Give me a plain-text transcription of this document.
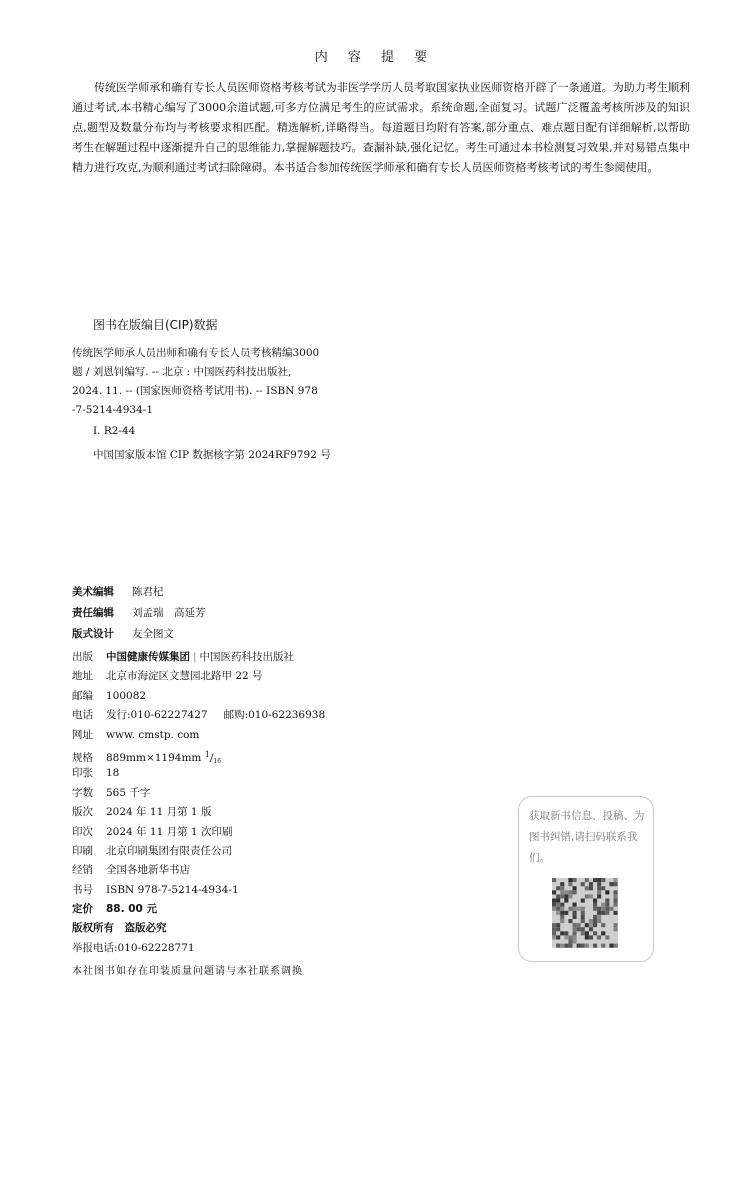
内 容 提 要

传统医学师承和确有专长人员医师资格考核考试为非医学学历人员考取国家执业医师资格开辟了一条通道。为助力考生顺利通过考试,本书精心编写了3000余道试题,可多方位满足考生的应试需求。系统命题,全面复习。试题广泛覆盖考核所涉及的知识点,题型及数量分布均与考核要求相匹配。精选解析,详略得当。每道题目均附有答案,部分重点、难点题目配有详细解析,以帮助考生在解题过程中逐渐提升自己的思维能力,掌握解题技巧。查漏补缺,强化记忆。考生可通过本书检测复习效果,并对易错点集中精力进行攻克,为顺利通过考试扫除障碍。本书适合参加传统医学师承和确有专长人员医师资格考核考试的考生参阅使用。

图书在版编目(CIP)数据
传统医学师承人员出师和确有专长人员考核精编3000
题 / 刘恩钊编写. -- 北京 : 中国医药科技出版社,
2024. 11. -- (国家医师资格考试用书). -- ISBN 978
-7-5214-4934-1
Ⅰ. R2-44
中国国家版本馆 CIP 数据核字第 2024RF9792 号
美术编辑 陈君杞
责任编辑 刘孟瑞　高延芳
版式设计 友全图文
出版 中国健康传媒集团 | 中国医药科技出版社
地址 北京市海淀区文慧园北路甲 22 号
邮编 100082
电话 发行:010-62227427 邮购:010-62236938
网址 www. cmstp. com
规格 889mm×1194mm $^1$/16
印张 18
字数 565 千字
版次 2024 年 11 月第 1 版
印次 2024 年 11 月第 1 次印刷
印刷 北京印刷集团有限责任公司
经销 全国各地新华书店
书号 ISBN 978-7-5214-4934-1
定价 88. 00 元
版权所有　盗版必究
举报电话:010-62228771
本社图书如存在印装质量问题请与本社联系调换
获取新书信息、投稿、为图书纠错,请扫码联系我们。
